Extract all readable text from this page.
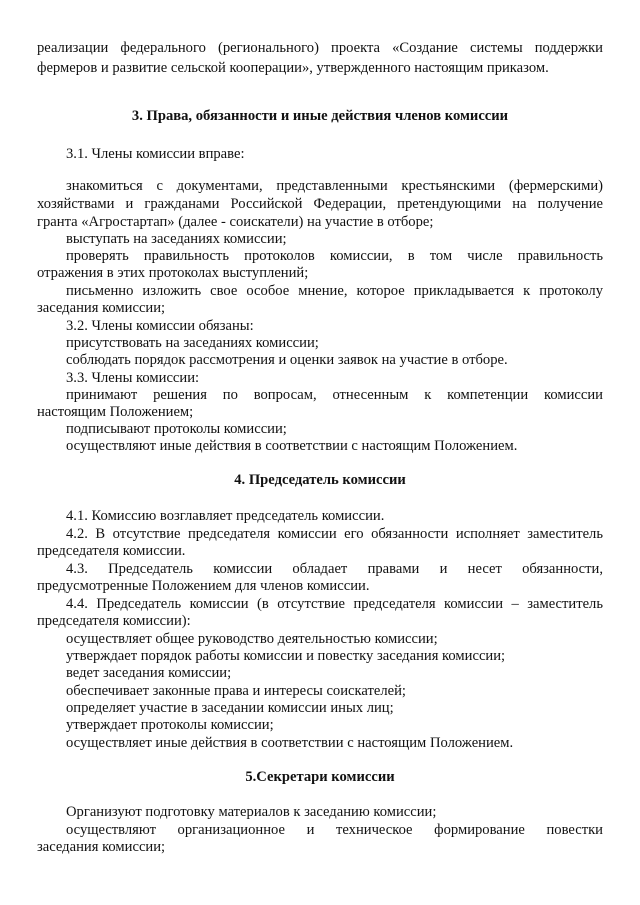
реализации федерального (регионального) проекта «Создание системы поддержки
фермеров и развитие сельской кооперации», утвержденного настоящим приказом.
3. Права, обязанности и иные действия членов комиссии
3.1. Члены комиссии вправе:
знакомиться с документами, представленными крестьянскими (фермерскими)
хозяйствами и гражданами Российской Федерации, претендующими на получение
гранта «Агростартап» (далее - соискатели) на участие в отборе;
выступать на заседаниях комиссии;
проверять правильность протоколов комиссии, в том числе правильность
отражения в этих протоколах выступлений;
письменно изложить свое особое мнение, которое прикладывается к протоколу
заседания комиссии;
3.2. Члены комиссии обязаны:
присутствовать на заседаниях комиссии;
соблюдать порядок рассмотрения и оценки заявок на участие в отборе.
3.3. Члены комиссии:
принимают решения по вопросам, отнесенным к компетенции комиссии
настоящим Положением;
подписывают протоколы комиссии;
осуществляют иные действия в соответствии с настоящим Положением.
4. Председатель комиссии
4.1. Комиссию возглавляет председатель комиссии.
4.2. В отсутствие председателя комиссии его обязанности исполняет заместитель
председателя комиссии.
4.3. Председатель комиссии обладает правами и несет обязанности,
предусмотренные Положением для членов комиссии.
4.4. Председатель комиссии (в отсутствие председателя комиссии – заместитель
председателя комиссии):
осуществляет общее руководство деятельностью комиссии;
утверждает порядок работы комиссии и повестку заседания комиссии;
ведет заседания комиссии;
обеспечивает законные права и интересы соискателей;
определяет участие в заседании комиссии иных лиц;
утверждает протоколы комиссии;
осуществляет иные действия в соответствии с настоящим Положением.
5.Секретари комиссии
Организуют подготовку материалов к заседанию комиссии;
осуществляют организационное и техническое формирование повестки
заседания комиссии;
